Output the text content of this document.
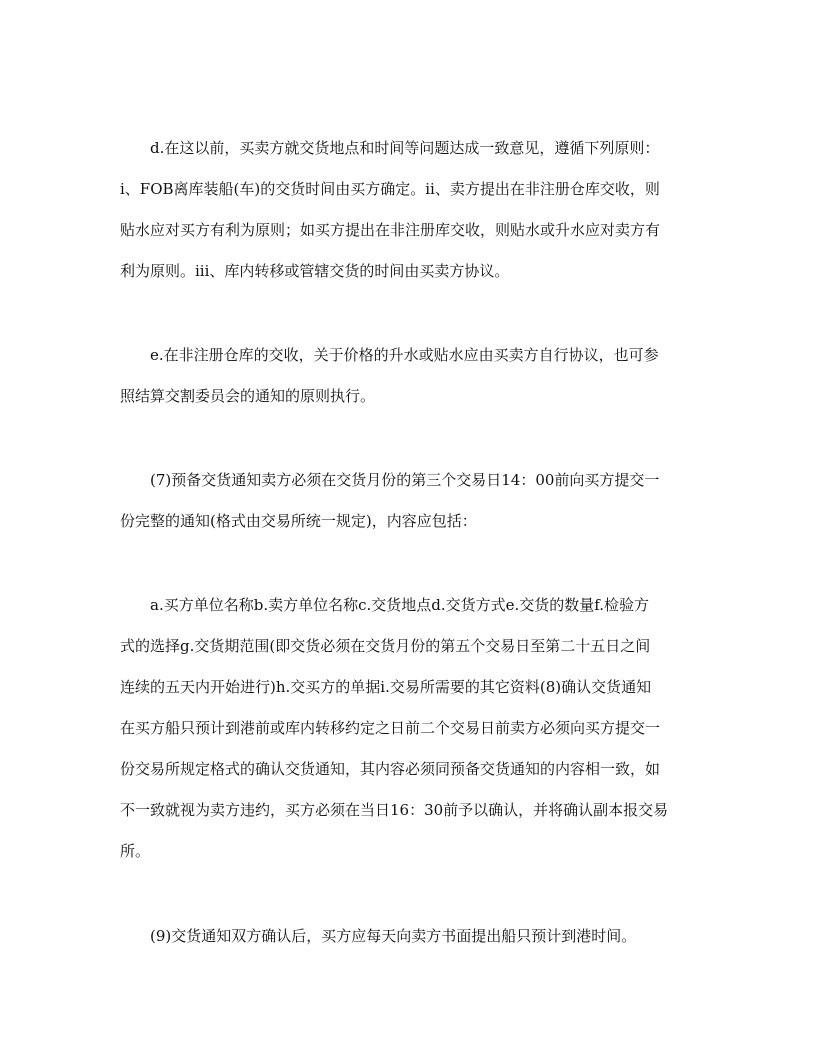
d.在这以前，买卖方就交货地点和时间等问题达成一致意见，遵循下列原则：
i、FOB离库装船(车)的交货时间由买方确定。ii、卖方提出在非注册仓库交收，则
贴水应对买方有利为原则；如买方提出在非注册库交收，则贴水或升水应对卖方有
利为原则。iii、库内转移或管辖交货的时间由买卖方协议。
e.在非注册仓库的交收，关于价格的升水或贴水应由买卖方自行协议，也可参
照结算交割委员会的通知的原则执行。
(7)预备交货通知卖方必须在交货月份的第三个交易日14：00前向买方提交一
份完整的通知(格式由交易所统一规定)，内容应包括：
a.买方单位名称b.卖方单位名称c.交货地点d.交货方式e.交货的数量f.检验方
式的选择g.交货期范围(即交货必须在交货月份的第五个交易日至第二十五日之间
连续的五天内开始进行)h.交买方的单据i.交易所需要的其它资料(8)确认交货通知
在买方船只预计到港前或库内转移约定之日前二个交易日前卖方必须向买方提交一
份交易所规定格式的确认交货通知，其内容必须同预备交货通知的内容相一致，如
不一致就视为卖方违约，买方必须在当日16：30前予以确认，并将确认副本报交易
所。
(9)交货通知双方确认后，买方应每天向卖方书面提出船只预计到港时间。
